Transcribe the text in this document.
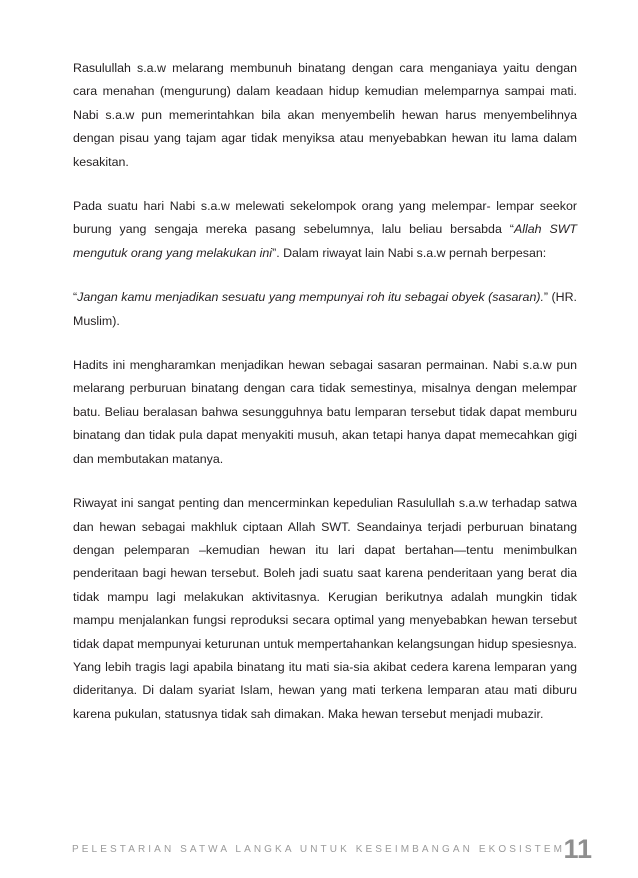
Rasulullah s.a.w melarang membunuh binatang dengan cara menganiaya yaitu dengan cara menahan (mengurung) dalam keadaan hidup kemudian melemparnya sampai mati. Nabi s.a.w pun memerintahkan bila akan menyembelih hewan harus menyembelihnya dengan pisau yang tajam agar tidak menyiksa atau menyebabkan hewan itu lama dalam kesakitan.

Pada suatu hari Nabi s.a.w melewati sekelompok orang yang melempar- lempar seekor burung yang sengaja mereka pasang sebelumnya, lalu beliau bersabda “Allah SWT mengutuk orang yang melakukan ini”. Dalam riwayat lain Nabi s.a.w pernah berpesan:

“Jangan kamu menjadikan sesuatu yang mempunyai roh itu sebagai obyek (sasaran).” (HR. Muslim).

Hadits ini mengharamkan menjadikan hewan sebagai sasaran permainan. Nabi s.a.w pun melarang perburuan binatang dengan cara tidak semestinya, misalnya dengan melempar batu. Beliau beralasan bahwa sesungguhnya batu lemparan tersebut tidak dapat memburu binatang dan tidak pula dapat menyakiti musuh, akan tetapi hanya dapat memecahkan gigi dan membutakan matanya.

Riwayat ini sangat penting dan mencerminkan kepedulian Rasulullah s.a.w terhadap satwa dan hewan sebagai makhluk ciptaan Allah SWT. Seandainya terjadi perburuan binatang dengan pelemparan –kemudian hewan itu lari dapat bertahan—tentu menimbulkan penderitaan bagi hewan tersebut. Boleh jadi suatu saat karena penderitaan yang berat dia tidak mampu lagi melakukan aktivitasnya. Kerugian berikutnya adalah mungkin tidak mampu menjalankan fungsi reproduksi secara optimal yang menyebabkan hewan tersebut tidak dapat mempunyai keturunan untuk mempertahankan kelangsungan hidup spesiesnya. Yang lebih tragis lagi apabila binatang itu mati sia-sia akibat cedera karena lemparan yang dideritanya. Di dalam syariat Islam, hewan yang mati terkena lemparan atau mati diburu karena pukulan, statusnya tidak sah dimakan. Maka hewan tersebut menjadi mubazir.

PELESTARIAN SATWA LANGKA UNTUK KESEIMBANGAN EKOSISTEM
11
